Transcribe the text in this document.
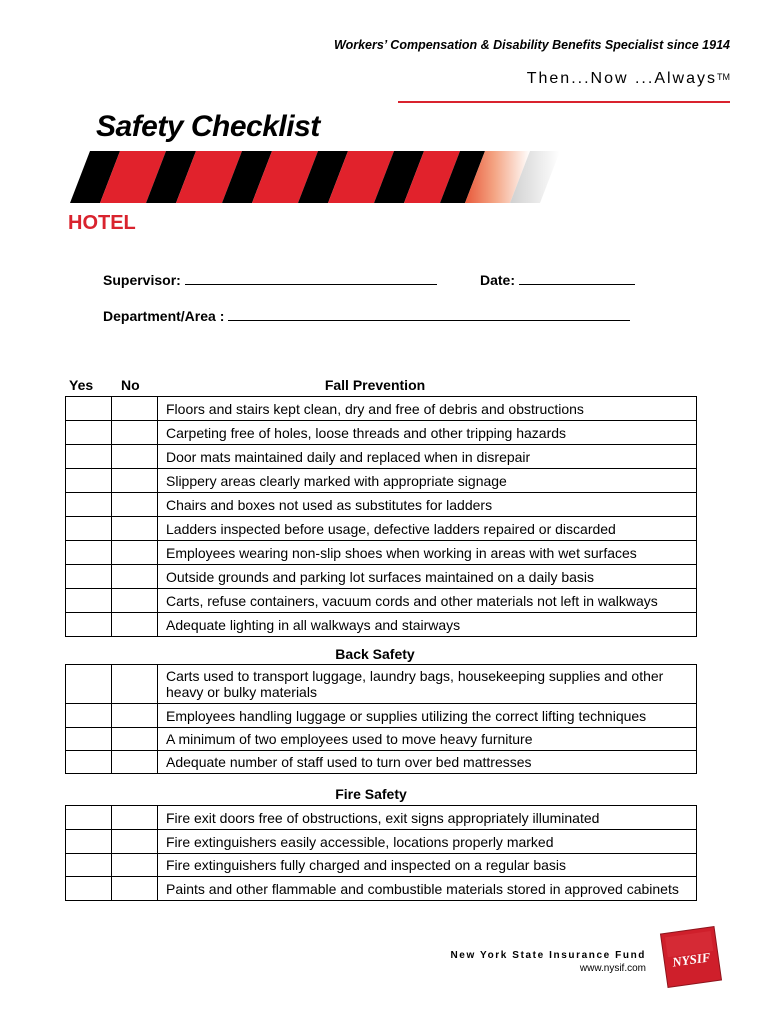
Workers’ Compensation & Disability Benefits Specialist since 1914
Then...Now ...Always™
Safety Checklist
HOTEL
Supervisor:	Date:
Department/Area :
Yes No	Fall Prevention
		Floors and stairs kept clean, dry and free of debris and obstructions
		Carpeting free of holes, loose threads and other tripping hazards
		Door mats maintained daily and replaced when in disrepair
		Slippery areas clearly marked with appropriate signage
		Chairs and boxes not used as substitutes for ladders
		Ladders inspected before usage, defective ladders repaired or discarded
		Employees wearing non-slip shoes when working in areas with wet surfaces
		Outside grounds and parking lot surfaces maintained on a daily basis
		Carts, refuse containers, vacuum cords and other materials not left in walkways
		Adequate lighting in all walkways and stairways
Back Safety
		Carts used to transport luggage, laundry bags, housekeeping supplies and other heavy or bulky materials
		Employees handling luggage or supplies utilizing the correct lifting techniques
		A minimum of two employees used to move heavy furniture
		Adequate number of staff used to turn over bed mattresses
Fire Safety
		Fire exit doors free of obstructions, exit signs appropriately illuminated
		Fire extinguishers easily accessible, locations properly marked
		Fire extinguishers fully charged and inspected on a regular basis
		Paints and other flammable and combustible materials stored in approved cabinets
New York State Insurance Fund
www.nysif.com NYSIF
